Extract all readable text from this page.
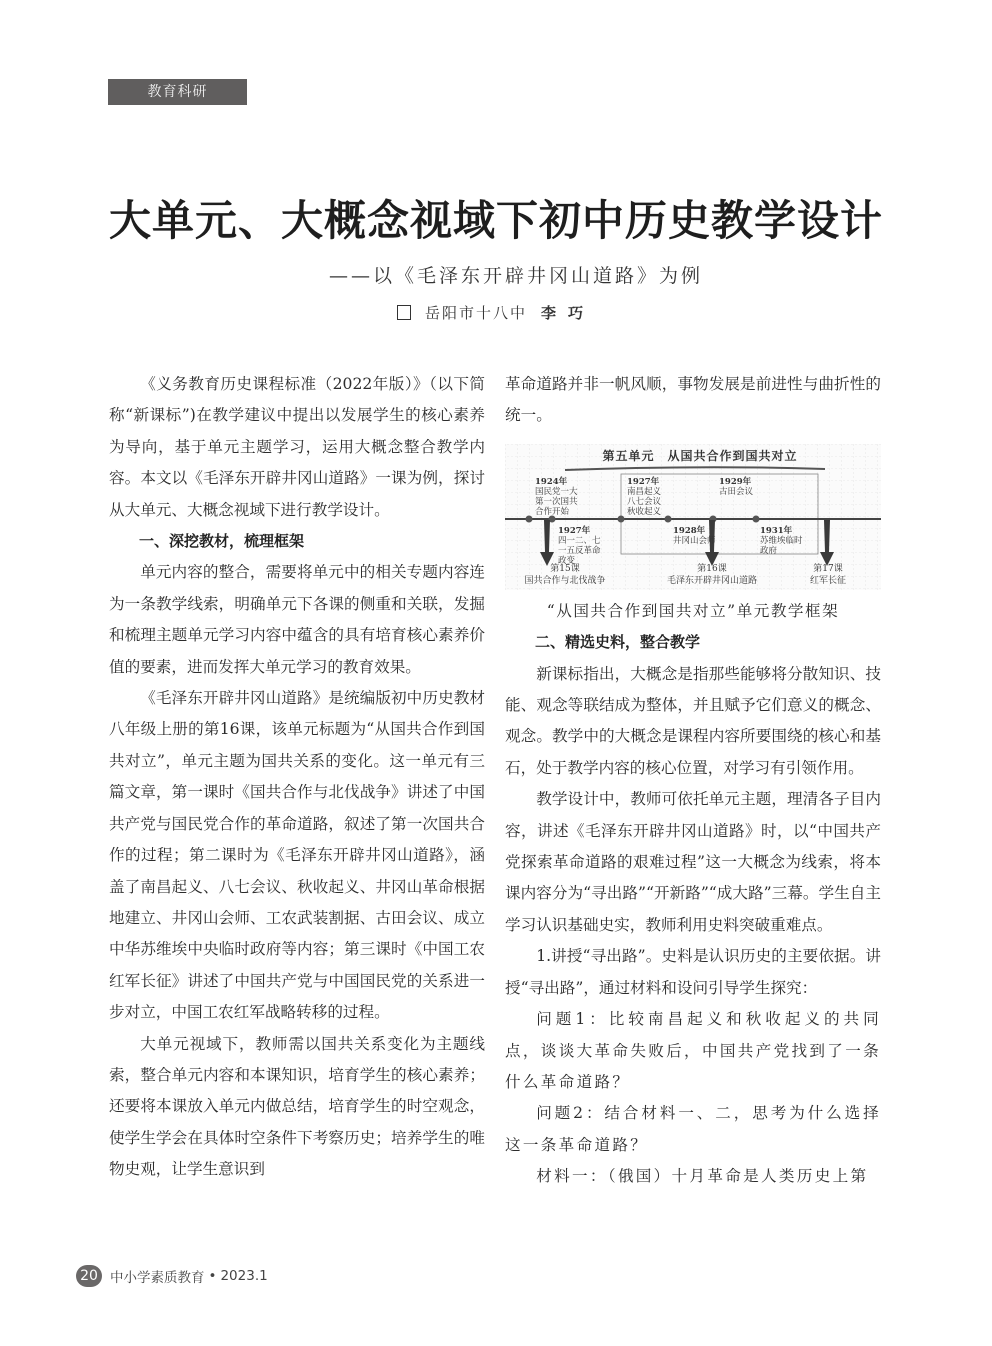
教育科研
大单元、大概念视域下初中历史教学设计
——以《毛泽东开辟井冈山道路》为例
岳阳市十八中 李巧

《义务教育历史课程标准（2022年版）》（以下简称“新课标”)在教学建议中提出以发展学生的核心素养为导向，基于单元主题学习，运用大概念整合教学内容。本文以《毛泽东开辟井冈山道路》一课为例，探讨从大单元、大概念视域下进行教学设计。

一、深挖教材，梳理框架

单元内容的整合，需要将单元中的相关专题内容连为一条教学线索，明确单元下各课的侧重和关联，发掘和梳理主题单元学习内容中蕴含的具有培育核心素养价值的要素，进而发挥大单元学习的教育效果。

《毛泽东开辟井冈山道路》是统编版初中历史教材八年级上册的第16课，该单元标题为“从国共合作到国共对立”，单元主题为国共关系的变化。这一单元有三篇文章，第一课时《国共合作与北伐战争》讲述了中国共产党与国民党合作的革命道路，叙述了第一次国共合作的过程；第二课时为《毛泽东开辟井冈山道路》，涵盖了南昌起义、八七会议、秋收起义、井冈山革命根据地建立、井冈山会师、工农武装割据、古田会议、成立中华苏维埃中央临时政府等内容；第三课时《中国工农红军长征》讲述了中国共产党与中国国民党的关系进一步对立，中国工农红军战略转移的过程。

大单元视域下，教师需以国共关系变化为主题线索，整合单元内容和本课知识，培育学生的核心素养；还要将本课放入单元内做总结，培育学生的时空观念，使学生学会在具体时空条件下考察历史；培养学生的唯物史观，让学生意识到

革命道路并非一帆风顺，事物发展是前进性与曲折性的统一。

第五单元　从国共合作到国共对立
1924年
国民党一大
第一次国共
合作开始
1927年
南昌起义
八七会议
秋收起义
1929年
古田会议
1927年
四一二、七
一五反革命
政变
1928年
井冈山会师
1931年
苏维埃临时
政府
第15课
国共合作与北伐战争
第16课
毛泽东开辟井冈山道路
第17课
红军长征

“从国共合作到国共对立”单元教学框架

二、精选史料，整合教学

新课标指出，大概念是指那些能够将分散知识、技能、观念等联结成为整体，并且赋予它们意义的概念、观念。教学中的大概念是课程内容所要围绕的核心和基石，处于教学内容的核心位置，对学习有引领作用。

教学设计中，教师可依托单元主题，理清各子目内容，讲述《毛泽东开辟井冈山道路》时，以“中国共产党探索革命道路的艰难过程”这一大概念为线索，将本课内容分为“寻出路”“开新路”“成大路”三幕。学生自主学习认识基础史实，教师利用史料突破重难点。

1.讲授“寻出路”。史料是认识历史的主要依据。讲授“寻出路”，通过材料和设问引导学生探究：

问题1：比较南昌起义和秋收起义的共同点，谈谈大革命失败后，中国共产党找到了一条什么革命道路？

问题2：结合材料一、二，思考为什么选择这一条革命道路？

材料一：（俄国）十月革命是人类历史上第

20 中小学素质教育 • 2023.1
